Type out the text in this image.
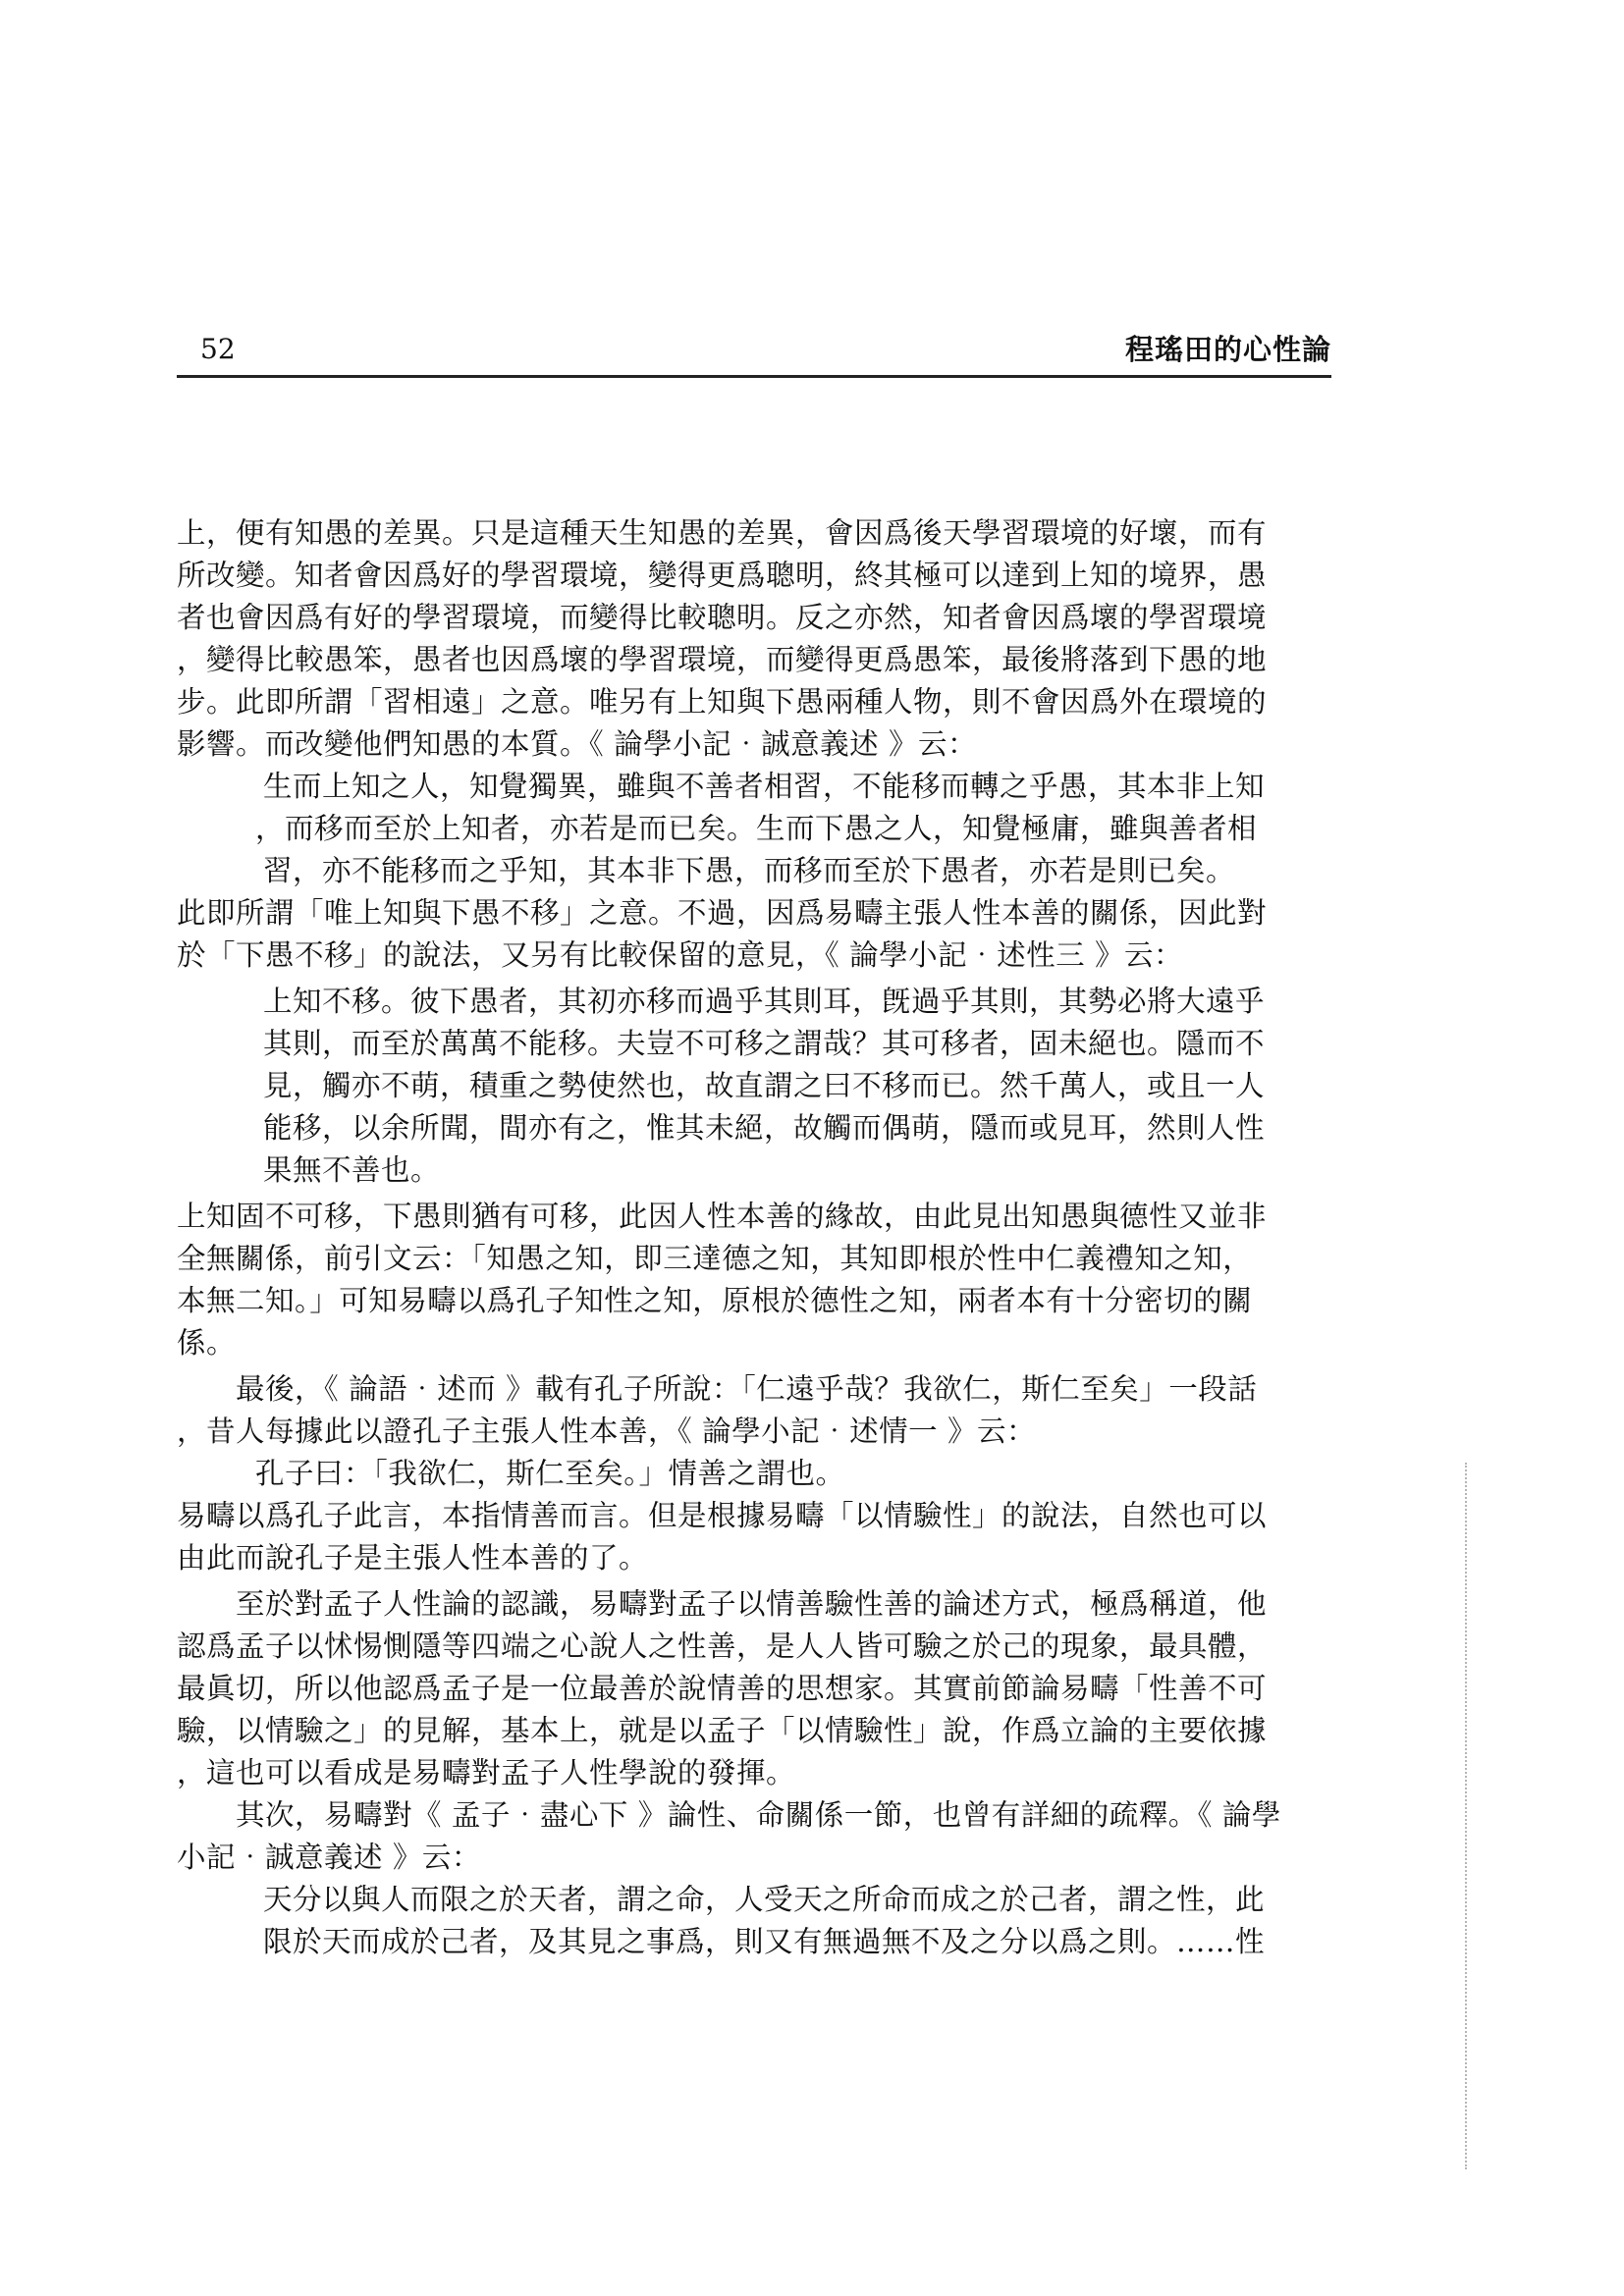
52	程瑤田的心性論
上，便有知愚的差異。只是這種天生知愚的差異，會因爲後天學習環境的好壞，而有
所改變。知者會因爲好的學習環境，變得更爲聰明，終其極可以達到上知的境界，愚
者也會因爲有好的學習環境，而變得比較聰明。反之亦然，知者會因爲壞的學習環境
，變得比較愚笨，愚者也因爲壞的學習環境，而變得更爲愚笨，最後將落到下愚的地
步。此即所謂「習相遠」之意。唯另有上知與下愚兩種人物，則不會因爲外在環境的
影響。而改變他們知愚的本質。《 論學小記‧誠意義述 》云：
生而上知之人，知覺獨異，雖與不善者相習，不能移而轉之乎愚，其本非上知
，而移而至於上知者，亦若是而已矣。生而下愚之人，知覺極庸，雖與善者相
習，亦不能移而之乎知，其本非下愚，而移而至於下愚者，亦若是則已矣。
此即所謂「唯上知與下愚不移」之意。不過，因爲易疇主張人性本善的關係，因此對
於「下愚不移」的說法，又另有比較保留的意見，《 論學小記‧述性三 》云：
上知不移。彼下愚者，其初亦移而過乎其則耳，旣過乎其則，其勢必將大遠乎
其則，而至於萬萬不能移。夫豈不可移之謂哉？其可移者，固未絕也。隱而不
見，觸亦不萌，積重之勢使然也，故直謂之曰不移而已。然千萬人，或且一人
能移，以余所聞，間亦有之，惟其未絕，故觸而偶萌，隱而或見耳，然則人性
果無不善也。
上知固不可移，下愚則猶有可移，此因人性本善的緣故，由此見出知愚與德性又並非
全無關係，前引文云：「知愚之知，即三達德之知，其知即根於性中仁義禮知之知，
本無二知。」可知易疇以爲孔子知性之知，原根於德性之知，兩者本有十分密切的關
係。
最後，《 論語‧述而 》載有孔子所說：「仁遠乎哉？我欲仁，斯仁至矣」一段話
，昔人每據此以證孔子主張人性本善，《 論學小記‧述情一 》云：
孔子曰：「我欲仁，斯仁至矣。」情善之謂也。
易疇以爲孔子此言，本指情善而言。但是根據易疇「以情驗性」的說法，自然也可以
由此而說孔子是主張人性本善的了。
至於對孟子人性論的認識，易疇對孟子以情善驗性善的論述方式，極爲稱道，他
認爲孟子以怵惕惻隱等四端之心說人之性善，是人人皆可驗之於己的現象，最具體，
最眞切，所以他認爲孟子是一位最善於說情善的思想家。其實前節論易疇「性善不可
驗，以情驗之」的見解，基本上，就是以孟子「以情驗性」說，作爲立論的主要依據
，這也可以看成是易疇對孟子人性學說的發揮。
其次，易疇對《 孟子‧盡心下 》論性、命關係一節，也曾有詳細的疏釋。《 論學
小記‧誠意義述 》云：
天分以與人而限之於天者，謂之命，人受天之所命而成之於己者，謂之性，此
限於天而成於己者，及其見之事爲，則又有無過無不及之分以爲之則。……性
